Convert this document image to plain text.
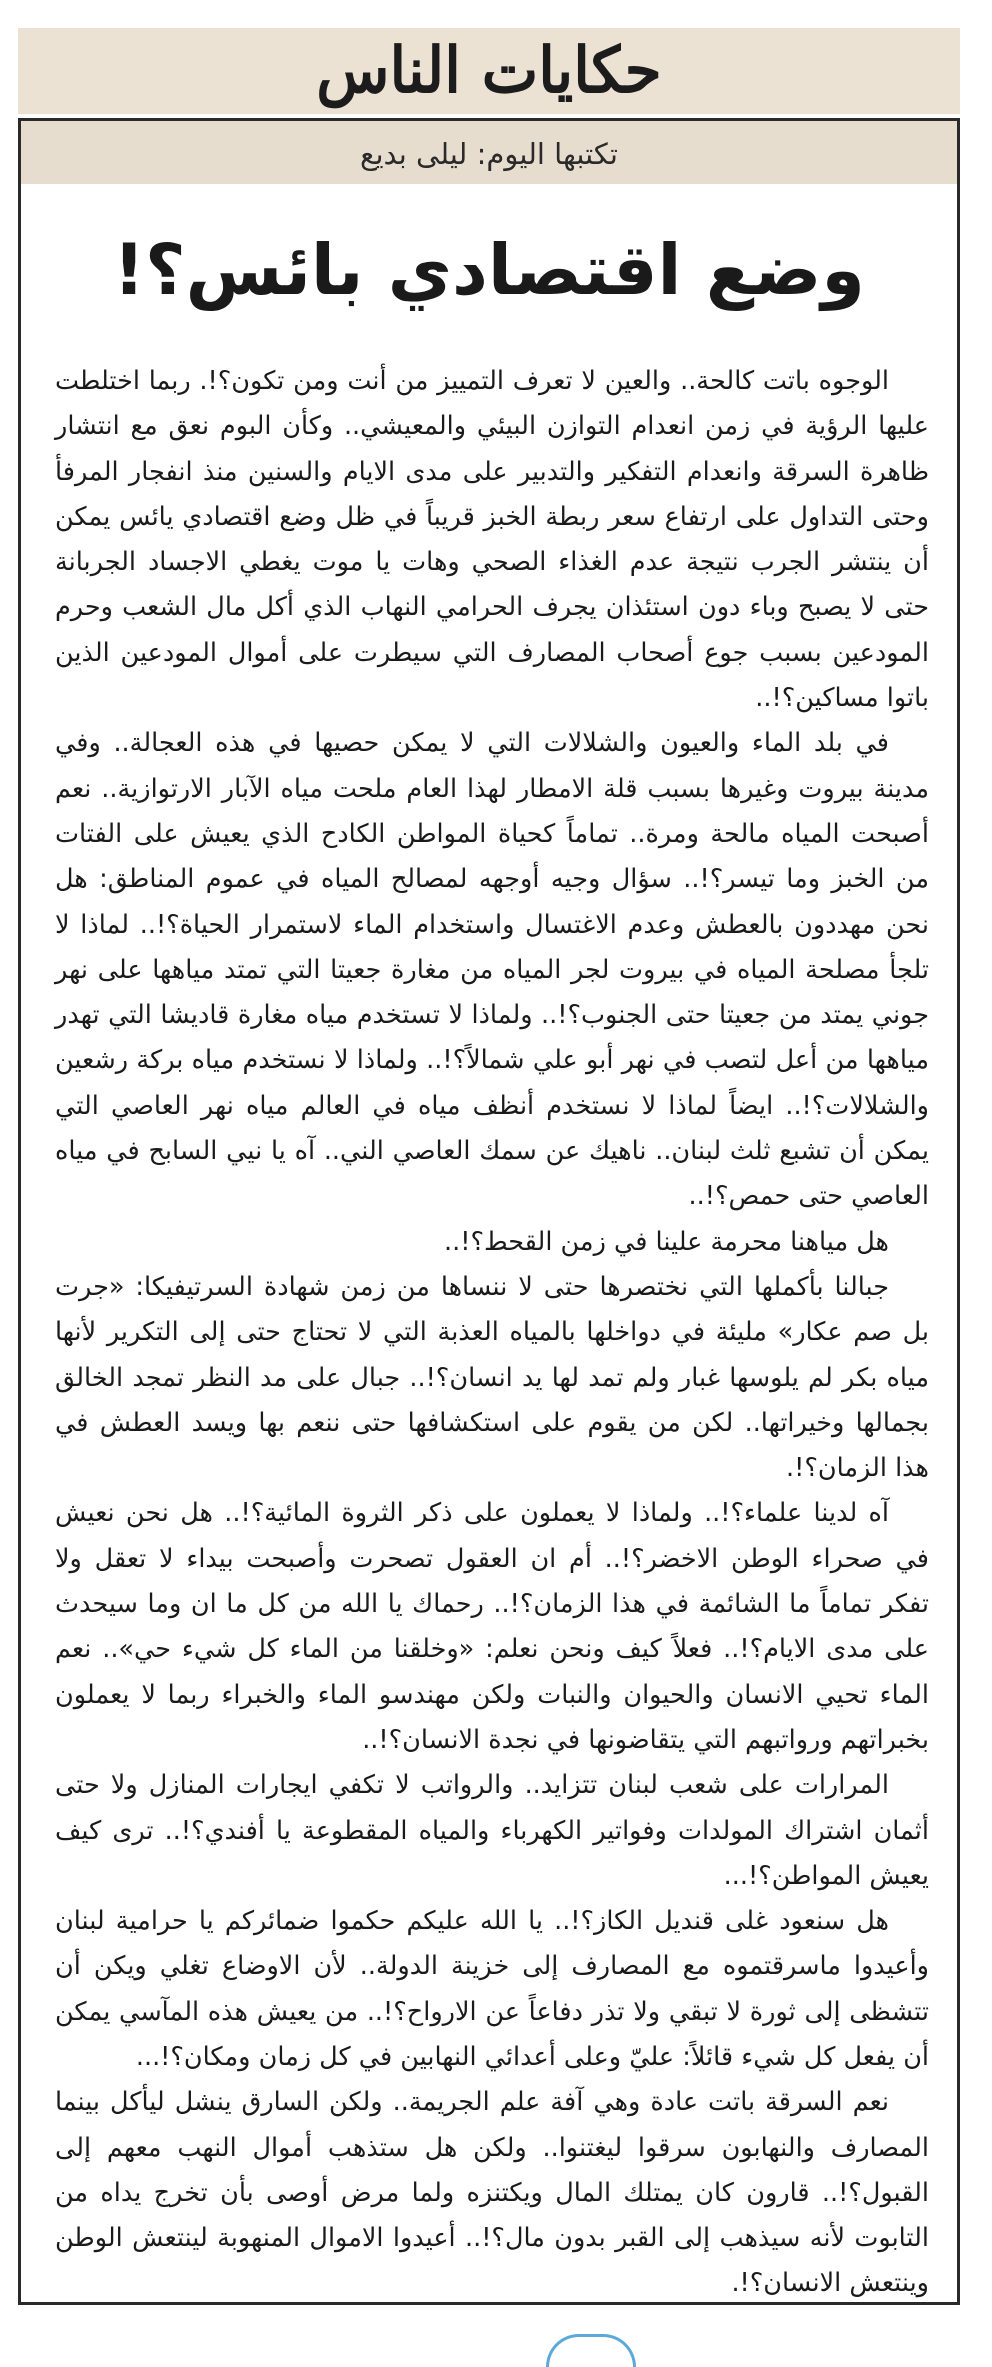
حكايات الناس
تكتبها اليوم: ليلى بديع
وضع اقتصادي بائس؟!

الوجوه باتت كالحة.. والعين لا تعرف التمييز من أنت ومن تكون؟!. ربما اختلطت عليها الرؤية في زمن انعدام التوازن البيئي والمعيشي.. وكأن البوم نعق مع انتشار ظاهرة السرقة وانعدام التفكير والتدبير على مدى الايام والسنين منذ انفجار المرفأ وحتى التداول على ارتفاع سعر ربطة الخبز قريباً في ظل وضع اقتصادي يائس يمكن أن ينتشر الجرب نتيجة عدم الغذاء الصحي وهات يا موت يغطي الاجساد الجربانة حتى لا يصبح وباء دون استئذان يجرف الحرامي النهاب الذي أكل مال الشعب وحرم المودعين بسبب جوع أصحاب المصارف التي سيطرت على أموال المودعين الذين باتوا مساكين؟!..

في بلد الماء والعيون والشلالات التي لا يمكن حصيها في هذه العجالة.. وفي مدينة بيروت وغيرها بسبب قلة الامطار لهذا العام ملحت مياه الآبار الارتوازية.. نعم أصبحت المياه مالحة ومرة.. تماماً كحياة المواطن الكادح الذي يعيش على الفتات من الخبز وما تيسر؟!.. سؤال وجيه أوجهه لمصالح المياه في عموم المناطق: هل نحن مهددون بالعطش وعدم الاغتسال واستخدام الماء لاستمرار الحياة؟!.. لماذا لا تلجأ مصلحة المياه في بيروت لجر المياه من مغارة جعيتا التي تمتد مياهها على نهر جوني يمتد من جعيتا حتى الجنوب؟!.. ولماذا لا تستخدم مياه مغارة قاديشا التي تهدر مياهها من أعل لتصب في نهر أبو علي شمالاً؟!.. ولماذا لا نستخدم مياه بركة رشعين والشلالات؟!.. ايضاً لماذا لا نستخدم أنظف مياه في العالم مياه نهر العاصي التي يمكن أن تشبع ثلث لبنان.. ناهيك عن سمك العاصي الني.. آه يا نيي السابح في مياه العاصي حتى حمص؟!..

هل مياهنا محرمة علينا في زمن القحط؟!..

جبالنا بأكملها التي نختصرها حتى لا ننساها من زمن شهادة السرتيفيكا: «جرت بل صم عكار» مليئة في دواخلها بالمياه العذبة التي لا تحتاج حتى إلى التكرير لأنها مياه بكر لم يلوسها غبار ولم تمد لها يد انسان؟!.. جبال على مد النظر تمجد الخالق بجمالها وخيراتها.. لكن من يقوم على استكشافها حتى ننعم بها ويسد العطش في هذا الزمان؟!.

آه لدينا علماء؟!.. ولماذا لا يعملون على ذكر الثروة المائية؟!.. هل نحن نعيش في صحراء الوطن الاخضر؟!.. أم ان العقول تصحرت وأصبحت بيداء لا تعقل ولا تفكر تماماً ما الشائمة في هذا الزمان؟!.. رحماك يا الله من كل ما ان وما سيحدث على مدى الايام؟!.. فعلاً كيف ونحن نعلم: «وخلقنا من الماء كل شيء حي».. نعم الماء تحيي الانسان والحيوان والنبات ولكن مهندسو الماء والخبراء ربما لا يعملون بخبراتهم ورواتبهم التي يتقاضونها في نجدة الانسان؟!..

المرارات على شعب لبنان تتزايد.. والرواتب لا تكفي ايجارات المنازل ولا حتى أثمان اشتراك المولدات وفواتير الكهرباء والمياه المقطوعة يا أفندي؟!.. ترى كيف يعيش المواطن؟!...

هل سنعود غلى قنديل الكاز؟!.. يا الله عليكم حكموا ضمائركم يا حرامية لبنان وأعيدوا ماسرقتموه مع المصارف إلى خزينة الدولة.. لأن الاوضاع تغلي ويكن أن تتشظى إلى ثورة لا تبقي ولا تذر دفاعاً عن الارواح؟!.. من يعيش هذه المآسي يمكن أن يفعل كل شيء قائلاً: عليّ وعلى أعدائي النهابين في كل زمان ومكان؟!...

نعم السرقة باتت عادة وهي آفة علم الجريمة.. ولكن السارق ينشل ليأكل بينما المصارف والنهابون سرقوا ليغتنوا.. ولكن هل ستذهب أموال النهب معهم إلى القبول؟!.. قارون كان يمتلك المال ويكتنزه ولما مرض أوصى بأن تخرج يداه من التابوت لأنه سيذهب إلى القبر بدون مال؟!.. أعيدوا الاموال المنهوبة لينتعش الوطن وينتعش الانسان؟!.
